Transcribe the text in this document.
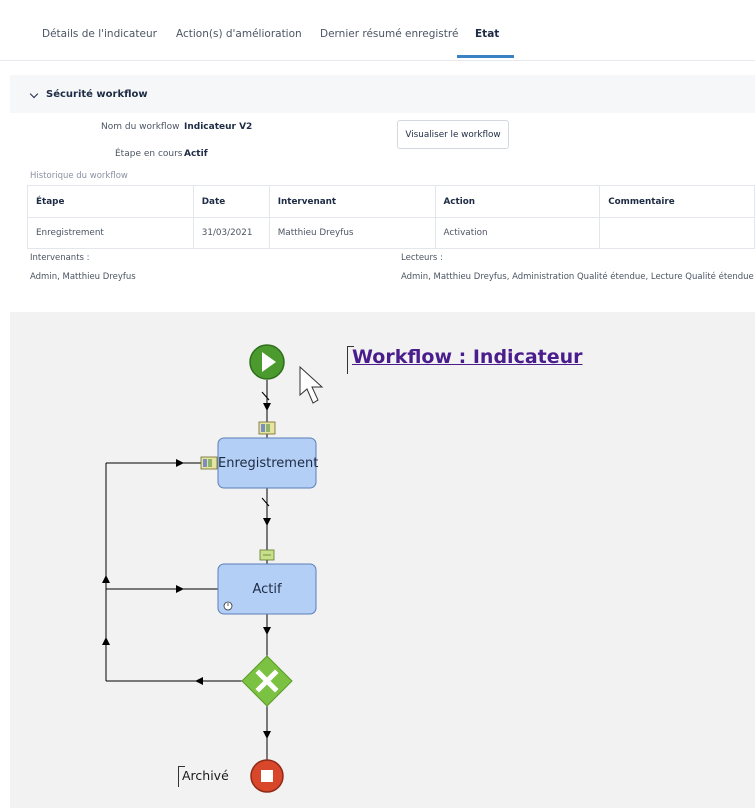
Détails de l'indicateur Action(s) d'amélioration Dernier résumé enregistré Etat
Sécurité workflow
Nom du workflow Indicateur V2
Étape en cours Actif
Visualiser le workflow
Historique du workflow
Étape	Date	Intervenant	Action	Commentaire
Enregistrement	31/03/2021	Matthieu Dreyfus	Activation	
Intervenants :
Admin, Matthieu Dreyfus
Lecteurs :
Admin, Matthieu Dreyfus, Administration Qualité étendue, Lecture Qualité étendue
Workflow : Indicateur
Enregistrement
Actif
Archivé
